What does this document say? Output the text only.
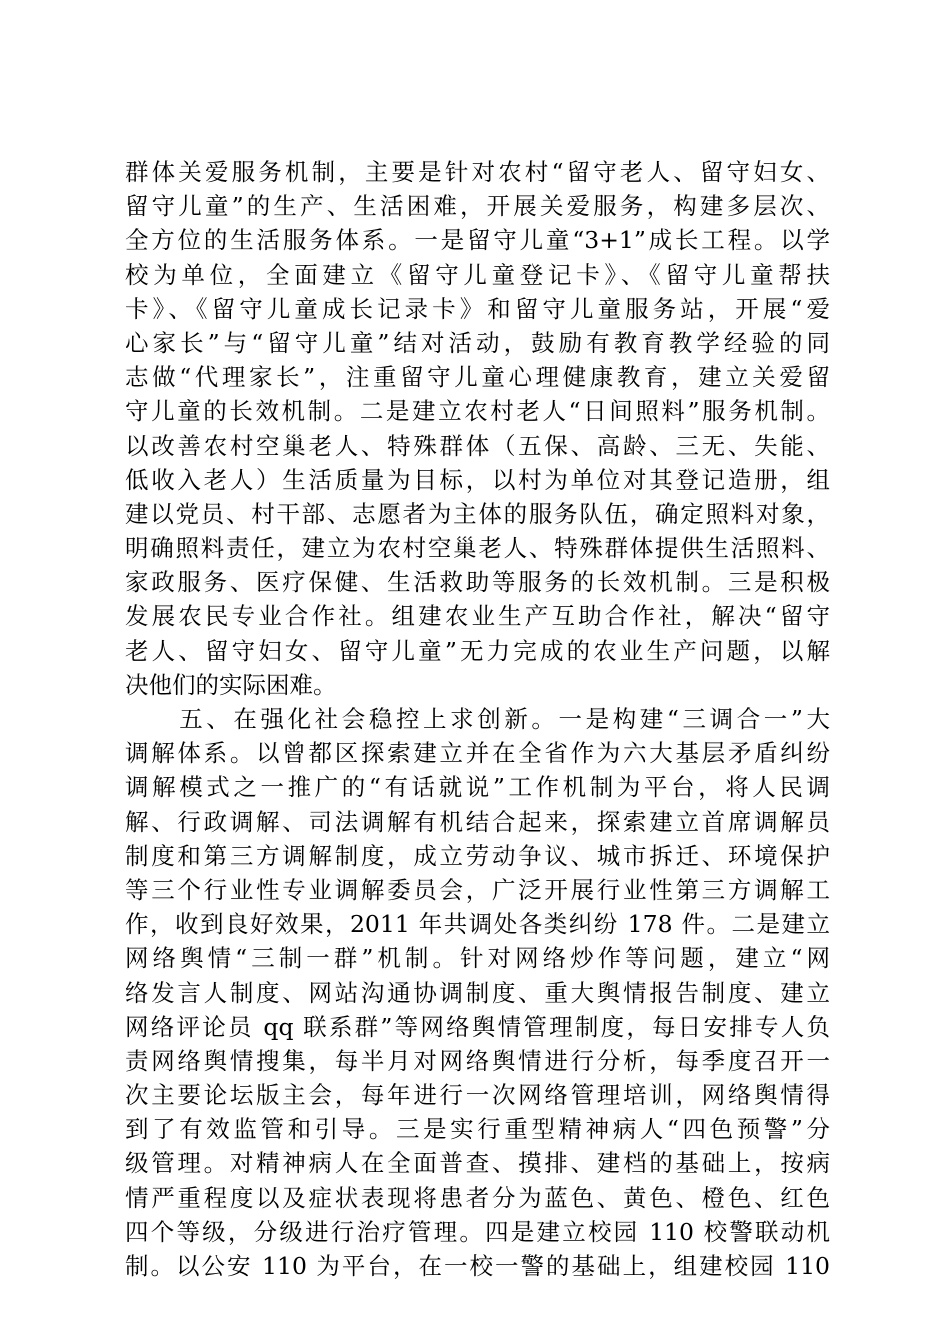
群体关爱服务机制，主要是针对农村“留守老人、留守妇女、
留守儿童”的生产、生活困难，开展关爱服务，构建多层次、
全方位的生活服务体系。一是留守儿童“3+1”成长工程。以学
校为单位，全面建立《留守儿童登记卡》、《留守儿童帮扶
卡》、《留守儿童成长记录卡》和留守儿童服务站，开展“爱
心家长”与“留守儿童”结对活动，鼓励有教育教学经验的同
志做“代理家长”，注重留守儿童心理健康教育，建立关爱留
守儿童的长效机制。二是建立农村老人“日间照料”服务机制。
以改善农村空巢老人、特殊群体（五保、高龄、三无、失能、
低收入老人）生活质量为目标，以村为单位对其登记造册，组
建以党员、村干部、志愿者为主体的服务队伍，确定照料对象，
明确照料责任，建立为农村空巢老人、特殊群体提供生活照料、
家政服务、医疗保健、生活救助等服务的长效机制。三是积极
发展农民专业合作社。组建农业生产互助合作社，解决“留守
老人、留守妇女、留守儿童”无力完成的农业生产问题，以解
决他们的实际困难。
　　五、在强化社会稳控上求创新。一是构建“三调合一”大
调解体系。以曾都区探索建立并在全省作为六大基层矛盾纠纷
调解模式之一推广的“有话就说”工作机制为平台，将人民调
解、行政调解、司法调解有机结合起来，探索建立首席调解员
制度和第三方调解制度，成立劳动争议、城市拆迁、环境保护
等三个行业性专业调解委员会，广泛开展行业性第三方调解工
作，收到良好效果，2011 年共调处各类纠纷 178 件。二是建立
网络舆情“三制一群”机制。针对网络炒作等问题，建立“网
络发言人制度、网站沟通协调制度、重大舆情报告制度、建立
网络评论员 qq 联系群”等网络舆情管理制度，每日安排专人负
责网络舆情搜集，每半月对网络舆情进行分析，每季度召开一
次主要论坛版主会，每年进行一次网络管理培训，网络舆情得
到了有效监管和引导。三是实行重型精神病人“四色预警”分
级管理。对精神病人在全面普查、摸排、建档的基础上，按病
情严重程度以及症状表现将患者分为蓝色、黄色、橙色、红色
四个等级，分级进行治疗管理。四是建立校园 110 校警联动机
制。以公安 110 为平台，在一校一警的基础上，组建校园 110
